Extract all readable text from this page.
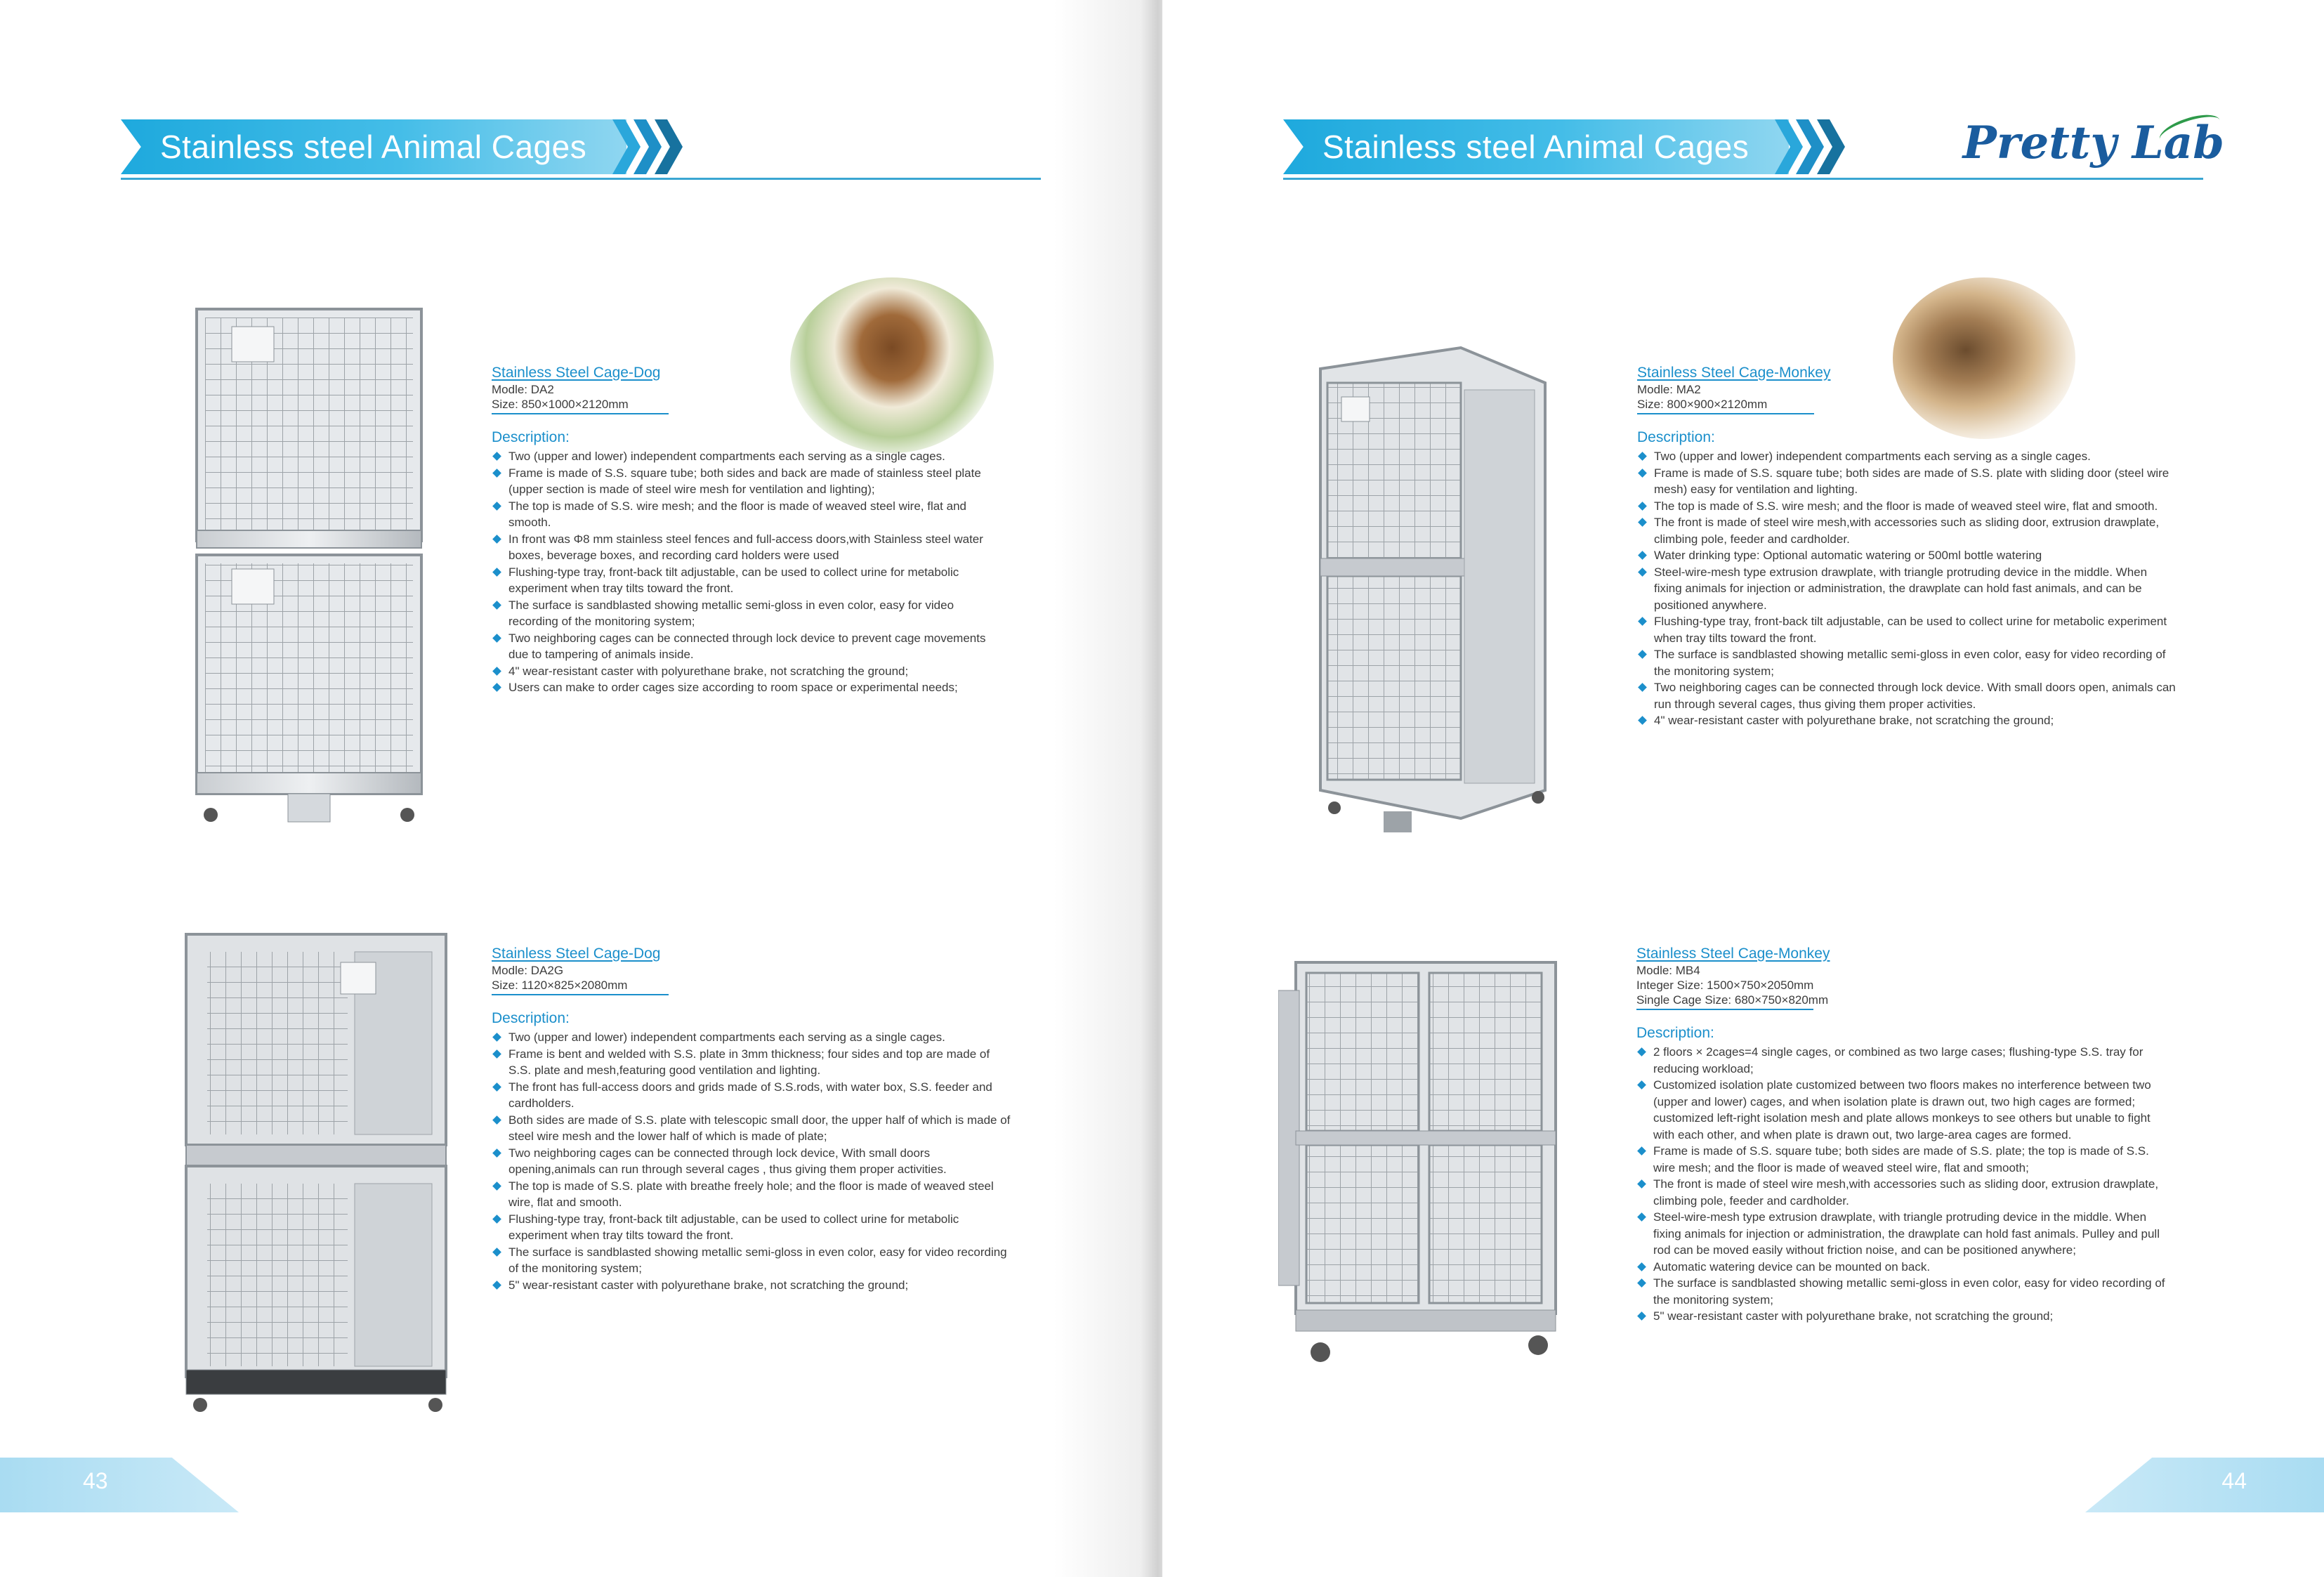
Stainless steel Animal Cages
Stainless Steel Cage-Dog
Modle: DA2
Size: 850×1000×2120mm
Description:
Two (upper and lower) independent compartments each serving as a single cages.
Frame is made of S.S. square tube; both sides and back are made of stainless steel plate (upper section is made of steel wire mesh for ventilation and lighting);
The top is made of S.S. wire mesh; and the floor is made of weaved steel wire, flat and smooth.
In front was Φ8 mm stainless steel fences and full-access doors,with Stainless steel water boxes, beverage boxes, and recording card holders were used
Flushing-type tray, front-back tilt adjustable, can be used to collect urine for metabolic experiment when tray tilts toward the front.
The surface is sandblasted showing metallic semi-gloss in even color, easy for video recording of the monitoring system;
Two neighboring cages can be connected through lock device to prevent cage movements due to tampering of animals inside.
4" wear-resistant caster with polyurethane brake, not scratching the ground;
Users can make to order cages size according to room space or experimental needs;
Stainless Steel Cage-Dog
Modle: DA2G
Size: 1120×825×2080mm
Description:
Two (upper and lower) independent compartments each serving as a single cages.
Frame is bent and welded with S.S. plate in 3mm thickness; four sides and top are made of S.S. plate and mesh,featuring good ventilation and lighting.
The front has full-access doors and grids made of S.S.rods, with water box, S.S. feeder and cardholders.
Both sides are made of S.S. plate with telescopic small door, the upper half of which is made of steel wire mesh and the lower half of which is made of plate;
Two neighboring cages can be connected through lock device, With small doors opening,animals can run through several cages , thus giving them proper activities.
The top is made of S.S. plate with breathe freely hole; and the floor is made of weaved steel wire, flat and smooth.
Flushing-type tray, front-back tilt adjustable, can be used to collect urine for metabolic experiment when tray tilts toward the front.
The surface is sandblasted showing metallic semi-gloss in even color, easy for video recording of the monitoring system;
5" wear-resistant caster with polyurethane brake, not scratching the ground;
43
Stainless steel Animal Cages	Pretty Lab
Stainless Steel Cage-Monkey
Modle: MA2
Size: 800×900×2120mm
Description:
Two (upper and lower) independent compartments each serving as a single cages.
Frame is made of S.S. square tube; both sides are made of S.S. plate with sliding door (steel wire mesh) easy for ventilation and lighting.
The top is made of S.S. wire mesh; and the floor is made of weaved steel wire, flat and smooth.
The front is made of steel wire mesh,with accessories such as sliding door, extrusion drawplate, climbing pole, feeder and cardholder.
Water drinking type: Optional automatic watering or 500ml bottle watering
Steel-wire-mesh type extrusion drawplate, with triangle protruding device in the middle. When fixing animals for injection or administration, the drawplate can hold fast animals, and can be positioned anywhere.
Flushing-type tray, front-back tilt adjustable, can be used to collect urine for metabolic experiment when tray tilts toward the front.
The surface is sandblasted showing metallic semi-gloss in even color, easy for video recording of the monitoring system;
Two neighboring cages can be connected through lock device. With small doors open, animals can run through several cages, thus giving them proper activities.
4" wear-resistant caster with polyurethane brake, not scratching the ground;
Stainless Steel Cage-Monkey
Modle: MB4
Integer Size: 1500×750×2050mm
Single Cage Size: 680×750×820mm
Description:
2 floors × 2cages=4 single cages, or combined as two large cases; flushing-type S.S. tray for reducing workload;
Customized isolation plate customized between two floors makes no interference between two (upper and lower) cages, and when isolation plate is drawn out, two high cages are formed; customized left-right isolation mesh and plate allows monkeys to see others but unable to fight with each other, and when plate is drawn out, two large-area cages are formed.
Frame is made of S.S. square tube; both sides are made of S.S. plate; the top is made of S.S. wire mesh; and the floor is made of weaved steel wire, flat and smooth;
The front is made of steel wire mesh,with accessories such as sliding door, extrusion drawplate, climbing pole, feeder and cardholder.
Steel-wire-mesh type extrusion drawplate, with triangle protruding device in the middle. When fixing animals for injection or administration, the drawplate can hold fast animals. Pulley and pull rod can be moved easily without friction noise, and can be positioned anywhere;
Automatic watering device can be mounted on back.
The surface is sandblasted showing metallic semi-gloss in even color, easy for video recording of the monitoring system;
5" wear-resistant caster with polyurethane brake, not scratching the ground;
44
